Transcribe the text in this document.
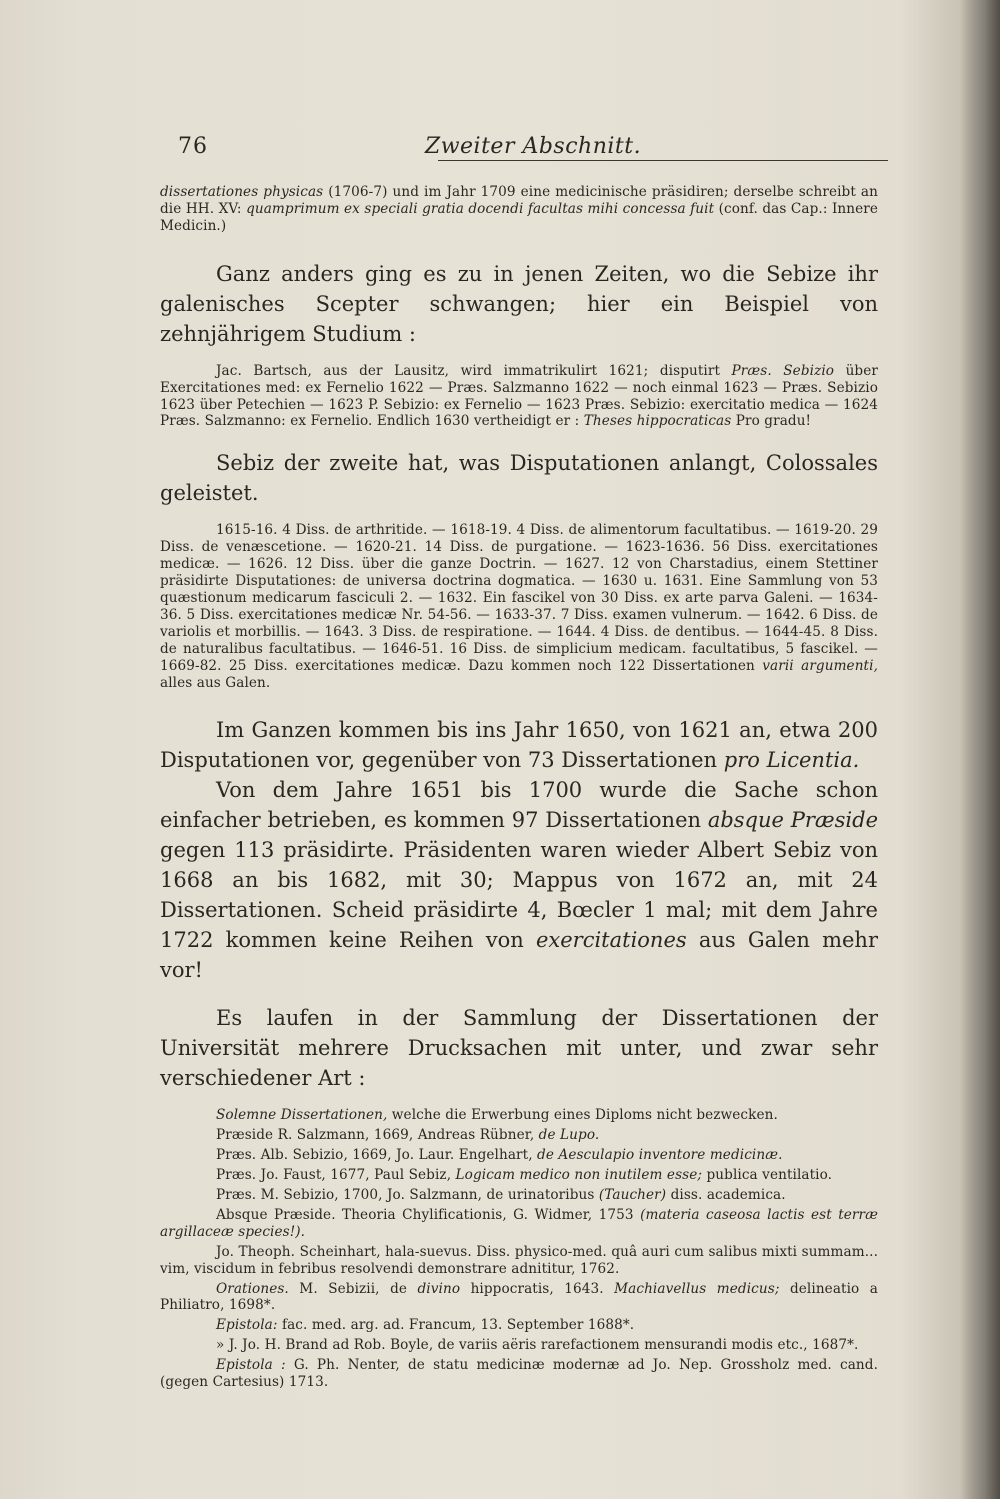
76	Zweiter Abschnitt.

dissertationes physicas (1706-7) und im Jahr 1709 eine medicinische präsidiren; derselbe schreibt an die HH. XV: quamprimum ex speciali gratia docendi facultas mihi concessa fuit (conf. das Cap.: Innere Medicin.)

Ganz anders ging es zu in jenen Zeiten, wo die Sebize ihr galenisches Scepter schwangen; hier ein Beispiel von zehnjährigem Studium :

Jac. Bartsch, aus der Lausitz, wird immatrikulirt 1621; disputirt Præs. Sebizio über Exercitationes med: ex Fernelio 1622 — Præs. Salzmanno 1622 — noch einmal 1623 — Præs. Sebizio 1623 über Petechien — 1623 P. Sebizio: ex Fernelio — 1623 Præs. Sebizio: exercitatio medica — 1624 Præs. Salzmanno: ex Fernelio. Endlich 1630 vertheidigt er : Theses hippocraticas Pro gradu!

Sebiz der zweite hat, was Disputationen anlangt, Colossales geleistet.

1615-16. 4 Diss. de arthritide. — 1618-19. 4 Diss. de alimentorum facultatibus. — 1619-20. 29 Diss. de venæscetione. — 1620-21. 14 Diss. de purgatione. — 1623-1636. 56 Diss. exercitationes medicæ. — 1626. 12 Diss. über die ganze Doctrin. — 1627. 12 von Charstadius, einem Stettiner präsidirte Disputationes: de universa doctrina dogmatica. — 1630 u. 1631. Eine Sammlung von 53 quæstionum medicarum fasciculi 2. — 1632. Ein fascikel von 30 Diss. ex arte parva Galeni. — 1634-36. 5 Diss. exercitationes medicæ Nr. 54-56. — 1633-37. 7 Diss. examen vulnerum. — 1642. 6 Diss. de variolis et morbillis. — 1643. 3 Diss. de respiratione. — 1644. 4 Diss. de dentibus. — 1644-45. 8 Diss. de naturalibus facultatibus. — 1646-51. 16 Diss. de simplicium medicam. facultatibus, 5 fascikel. — 1669-82. 25 Diss. exercitationes medicæ. Dazu kommen noch 122 Dissertationen varii argumenti, alles aus Galen.

Im Ganzen kommen bis ins Jahr 1650, von 1621 an, etwa 200 Disputationen vor, gegenüber von 73 Dissertationen pro Licentia.

Von dem Jahre 1651 bis 1700 wurde die Sache schon einfacher betrieben, es kommen 97 Dissertationen absque Præside gegen 113 präsidirte. Präsidenten waren wieder Albert Sebiz von 1668 an bis 1682, mit 30; Mappus von 1672 an, mit 24 Dissertationen. Scheid präsidirte 4, Bœcler 1 mal; mit dem Jahre 1722 kommen keine Reihen von exercitationes aus Galen mehr vor!

Es laufen in der Sammlung der Dissertationen der Universität mehrere Drucksachen mit unter, und zwar sehr verschiedener Art :

Solemne Dissertationen, welche die Erwerbung eines Diploms nicht bezwecken.

Præside R. Salzmann, 1669, Andreas Rübner, de Lupo.

Præs. Alb. Sebizio, 1669, Jo. Laur. Engelhart, de Aesculapio inventore medicinæ.

Præs. Jo. Faust, 1677, Paul Sebiz, Logicam medico non inutilem esse; publica ventilatio.

Præs. M. Sebizio, 1700, Jo. Salzmann, de urinatoribus (Taucher) diss. academica.

Absque Præside. Theoria Chylificationis, G. Widmer, 1753 (materia caseosa lactis est terræ argillaceæ species!).

Jo. Theoph. Scheinhart, hala-suevus. Diss. physico-med. quâ auri cum salibus mixti summam... vim, viscidum in febribus resolvendi demonstrare adnititur, 1762.

Orationes. M. Sebizii, de divino hippocratis, 1643. Machiavellus medicus; delineatio a Philiatro, 1698*.

Epistola: fac. med. arg. ad. Francum, 13. September 1688*.

» J. Jo. H. Brand ad Rob. Boyle, de variis aëris rarefactionem mensurandi modis etc., 1687*.

Epistola : G. Ph. Nenter, de statu medicinæ modernæ ad Jo. Nep. Grossholz med. cand. (gegen Cartesius) 1713.
